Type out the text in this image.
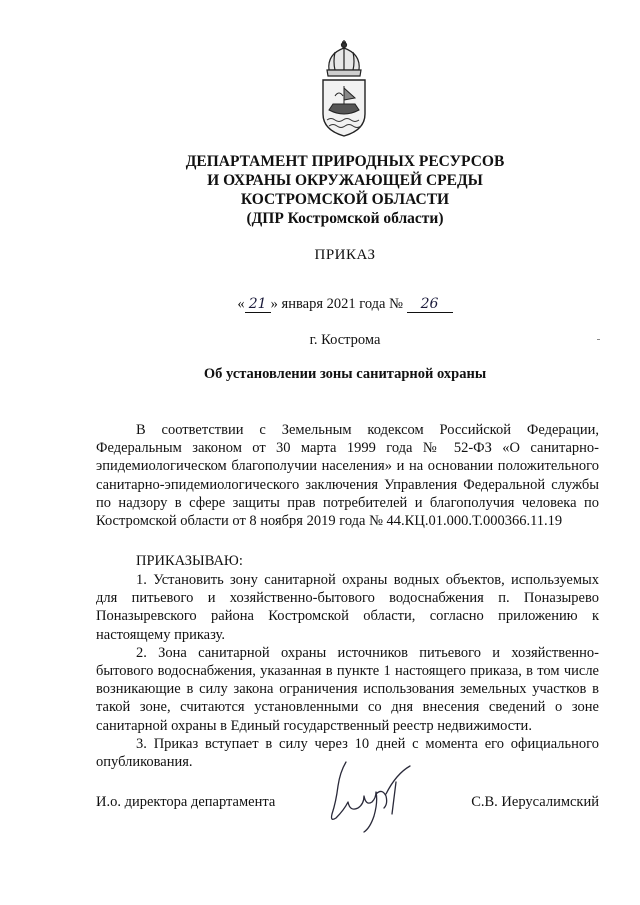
ДЕПАРТАМЕНТ ПРИРОДНЫХ РЕСУРСОВ
И ОХРАНЫ ОКРУЖАЮЩЕЙ СРЕДЫ
КОСТРОМСКОЙ ОБЛАСТИ
(ДПР Костромской области)
ПРИКАЗ
« 21 » января 2021 года № 26
г. Кострома
Об установлении зоны санитарной охраны

В соответствии с Земельным кодексом Российской Федерации, Федеральным законом от 30 марта 1999 года № 52-ФЗ «О санитарно-эпидемиологическом благополучии населения» и на основании положительного санитарно-эпидемиологического заключения Управления Федеральной службы по надзору в сфере защиты прав потребителей и благополучия человека по Костромской области от 8 ноября 2019 года № 44.КЦ.01.000.Т.000366.11.19

ПРИКАЗЫВАЮ:

1. Установить зону санитарной охраны водных объектов, используемых для питьевого и хозяйственно-бытового водоснабжения п. Поназырево Поназыревского района Костромской области, согласно приложению к настоящему приказу.

2. Зона санитарной охраны источников питьевого и хозяйственно-бытового водоснабжения, указанная в пункте 1 настоящего приказа, в том числе возникающие в силу закона ограничения использования земельных участков в такой зоне, считаются установленными со дня внесения сведений о зоне санитарной охраны в Единый государственный реестр недвижимости.

3. Приказ вступает в силу через 10 дней с момента его официального опубликования.

И.о. директора департамента	С.В. Иерусалимский
